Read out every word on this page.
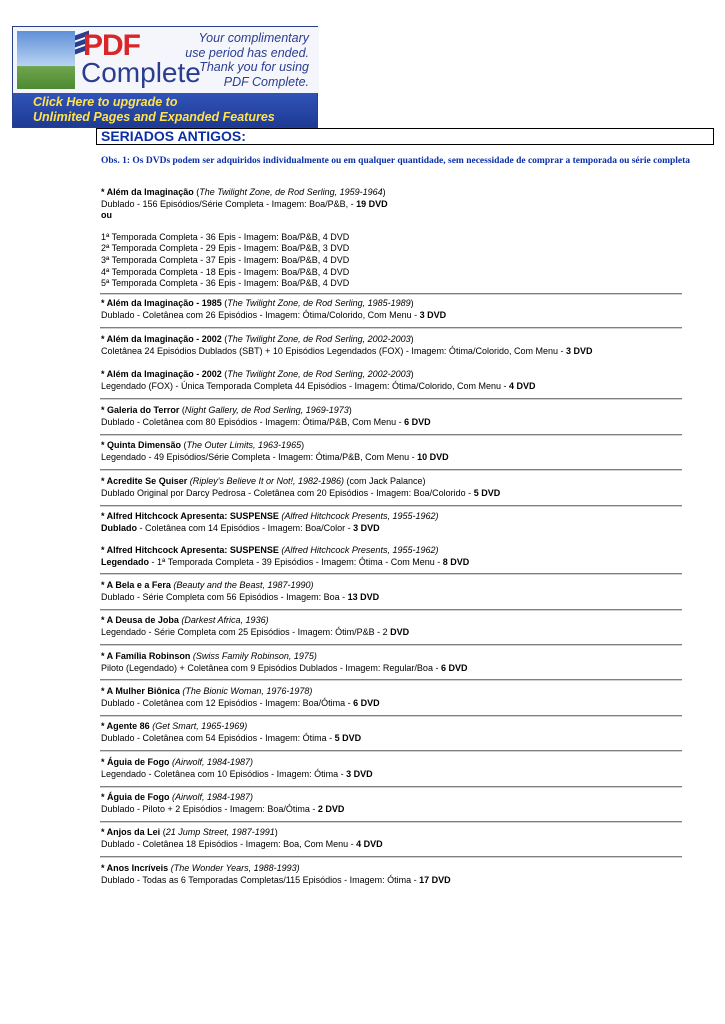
PDF
Complete
Your complimentary
use period has ended.
Thank you for using
PDF Complete.
Click Here to upgrade to
Unlimited Pages and Expanded Features
SERIADOS ANTIGOS:
Obs. 1: Os DVDs podem ser adquiridos individualmente ou em qualquer quantidade, sem necessidade de comprar a temporada ou série completa
* Além da Imaginação (The Twilight Zone, de Rod Serling, 1959-1964)
Dublado - 156 Episódios/Série Completa - Imagem: Boa/P&B, - 19 DVD
ou
1ª Temporada Completa - 36 Epis - Imagem: Boa/P&B, 4 DVD
2ª Temporada Completa - 29 Epis - Imagem: Boa/P&B, 3 DVD
3ª Temporada Completa - 37 Epis - Imagem: Boa/P&B, 4 DVD
4ª Temporada Completa - 18 Epis - Imagem: Boa/P&B, 4 DVD
5ª Temporada Completa - 36 Epis - Imagem: Boa/P&B, 4 DVD
* Além da Imaginação - 1985 (The Twilight Zone, de Rod Serling, 1985-1989)
Dublado - Coletânea com 26 Episódios - Imagem: Ótima/Colorido, Com Menu - 3 DVD
* Além da Imaginação - 2002 (The Twilight Zone, de Rod Serling, 2002-2003)
Coletânea 24 Episódios Dublados (SBT) + 10 Episódios Legendados (FOX) - Imagem: Ótima/Colorido, Com Menu - 3 DVD
* Além da Imaginação - 2002 (The Twilight Zone, de Rod Serling, 2002-2003)
Legendado (FOX) - Única Temporada Completa 44 Episódios - Imagem: Ótima/Colorido, Com Menu - 4 DVD
* Galeria do Terror (Night Gallery, de Rod Serling, 1969-1973)
Dublado - Coletânea com 80 Episódios - Imagem: Ótima/P&B, Com Menu - 6 DVD
* Quinta Dimensão (The Outer Limits, 1963-1965)
Legendado - 49 Episódios/Série Completa - Imagem: Ótima/P&B, Com Menu - 10 DVD
* Acredite Se Quiser (Ripley's Believe It or Not!, 1982-1986) (com Jack Palance)
Dublado Original por Darcy Pedrosa - Coletânea com 20 Episódios - Imagem: Boa/Colorido - 5 DVD
* Alfred Hitchcock Apresenta: SUSPENSE (Alfred Hitchcock Presents, 1955-1962)
Dublado - Coletânea com 14 Episódios - Imagem: Boa/Color - 3 DVD
* Alfred Hitchcock Apresenta: SUSPENSE (Alfred Hitchcock Presents, 1955-1962)
Legendado - 1ª Temporada Completa - 39 Episódios - Imagem: Ótima - Com Menu - 8 DVD
* A Bela e a Fera (Beauty and the Beast, 1987-1990)
Dublado - Série Completa com 56 Episódios - Imagem: Boa - 13 DVD
* A Deusa de Joba (Darkest Africa, 1936)
Legendado - Série Completa com 25 Episódios - Imagem: Ótim/P&B - 2 DVD
* A Família Robinson (Swiss Family Robinson, 1975)
Piloto (Legendado) + Coletânea com 9 Episódios Dublados - Imagem: Regular/Boa - 6 DVD
* A Mulher Biônica (The Bionic Woman, 1976-1978)
Dublado - Coletânea com 12 Episódios - Imagem: Boa/Ótima - 6 DVD
* Agente 86 (Get Smart, 1965-1969)
Dublado - Coletânea com 54 Episódios - Imagem: Ótima - 5 DVD
* Águia de Fogo (Airwolf, 1984-1987)
Legendado - Coletânea com 10 Episódios - Imagem: Ótima - 3 DVD
* Águia de Fogo (Airwolf, 1984-1987)
Dublado - Piloto + 2 Episódios - Imagem: Boa/Ótima - 2 DVD
* Anjos da Lei (21 Jump Street, 1987-1991)
Dublado - Coletânea 18 Episódios - Imagem: Boa, Com Menu - 4 DVD
* Anos Incríveis (The Wonder Years, 1988-1993)
Dublado - Todas as 6 Temporadas Completas/115 Episódios - Imagem: Ótima - 17 DVD
